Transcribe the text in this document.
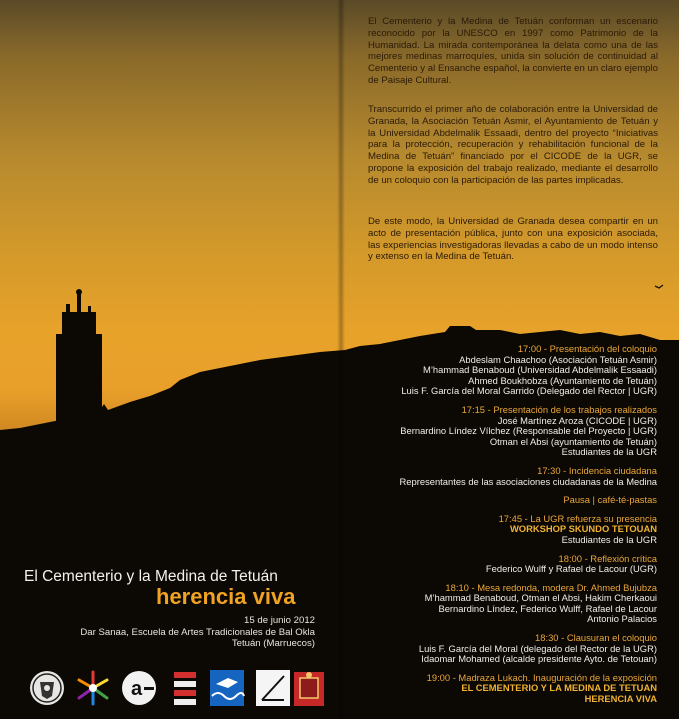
El Cementerio y la Medina de Tetuán conforman un escenario reconocido por la UNESCO en 1997 como Patrimonio de la Humanidad. La mirada contemporánea la delata como una de las mejores medinas marroquíes, unida sin solución de continuidad al Cementerio y al Ensanche español, la convierte en un claro ejemplo de Paisaje Cultural.

Transcurrido el primer año de colaboración entre la Universidad de Granada, la Asociación Tetuán Asmir, el Ayuntamiento de Tetuán y la Universidad Abdelmalik Essaadi, dentro del proyecto “Iniciativas para la protección, recuperación y rehabilitación funcional de la Medina de Tetuán” financiado por el CICODE de la UGR, se propone la exposición del trabajo realizado, mediante el desarrollo de un coloquio con la participación de las partes implicadas.

De este modo, la Universidad de Granada desea compartir en un acto de presentación pública, junto con una exposición asociada, las experiencias investigadoras llevadas a cabo de un modo intenso y extenso en la Medina de Tetuán.

17:00 - Presentación del coloquio
Abdeslam Chaachoo (Asociación Tetuán Asmir)
M’hammad Benaboud (Universidad Abdelmalik Essaadi)
Ahmed Boukhobza (Ayuntamiento de Tetuán)
Luis F. García del Moral Garrido (Delegado del Rector | UGR)
17:15 - Presentación de los trabajos realizados
José Martínez Aroza (CICODE | UGR)
Bernardino Líndez Vílchez (Responsable del Proyecto | UGR)
Otman el Absi (ayuntamiento de Tetuán)
Estudiantes de la UGR
17:30 - Incidencia ciudadana
Representantes de las asociaciones ciudadanas de la Medina
Pausa | café-té-pastas
17:45 - La UGR refuerza su presencia
WORKSHOP SKUNDO TETOUAN
Estudiantes de la UGR
18:00 - Reflexión crítica
Federico Wulff y Rafael de Lacour (UGR)
18:10 - Mesa redonda, modera Dr. Ahmed Bujubza
M’hammad Benaboud, Otman el Absi, Hakim Cherkaoui
Bernardino Líndez, Federico Wulff, Rafael de Lacour
Antonio Palacios
18:30 - Clausuran el coloquio
Luis F. García del Moral (delegado del Rector de la UGR)
Idaomar Mohamed (alcalde presidente Ayto. de Tetouan)
19:00 - Madraza Lukach. Inauguración de la exposición
EL CEMENTERIO Y LA MEDINA DE TETUAN
HERENCIA VIVA
El Cementerio y la Medina de Tetuán
herencia viva
15 de junio 2012
Dar Sanaa, Escuela de Artes Tradicionales de Bal Okla
Tetuán (Marruecos)
a
